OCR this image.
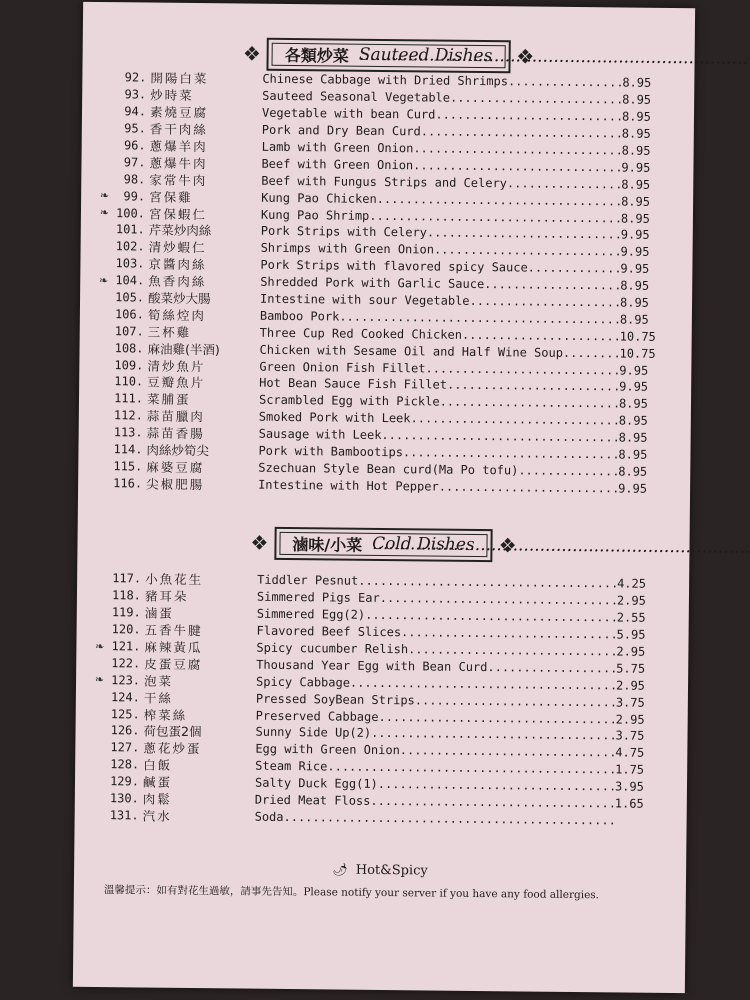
❖ 各類炒菜 ..... Sauteed Dishes ❖
92. 開陽白菜	..... Chinese Cabbage with Dried Shrimps	8.95
93. 炒時菜	..... Sauteed Seasonal Vegetable	8.95
94. 素燒豆腐	..... Vegetable with bean Curd	8.95
95. 香干肉絲	..... Pork and Dry Bean Curd	8.95
96. 蔥爆羊肉	..... Lamb with Green Onion	8.95
97. 蔥爆牛肉	..... Beef with Green Onion	9.95
98. 家常牛肉	..... Beef with Fungus Strips and Celery	8.95
❧	99. 宮保雞	..... Kung Pao Chicken	8.95
❧ 100. 宮保蝦仁	..... Kung Pao Shrimp	8.95
101. 芹菜炒肉絲	..... Pork Strips with Celery	9.95
102. 清炒蝦仁	..... Shrimps with Green Onion	9.95
103. 京醬肉絲	..... Pork Strips with flavored spicy Sauce	9.95
❧ 104. 魚香肉絲	..... Shredded Pork with Garlic Sauce	8.95
105. 酸菜炒大腸	..... Intestine with sour Vegetable	8.95
106. 筍絲焢肉	..... Bamboo Pork	8.95
107. 三杯雞	..... Three Cup Red Cooked Chicken	10.75
108. 麻油雞(半酒)	..... Chicken with Sesame Oil and Half Wine Soup	10.75
109. 清炒魚片	..... Green Onion Fish Fillet	9.95
110. 豆瓣魚片	..... Hot Bean Sauce Fish Fillet	9.95
111. 菜脯蛋	..... Scrambled Egg with Pickle	8.95
112. 蒜苗臘肉	..... Smoked Pork with Leek	8.95
113. 蒜苗香腸	..... Sausage with Leek	8.95
114. 肉絲炒筍尖	..... Pork with Bambootips	8.95
115. 麻婆豆腐	..... Szechuan Style Bean curd(Ma Po tofu)	8.95
116. 尖椒肥腸	..... Intestine with Hot Pepper	9.95
❖ 滷味/小菜 ..... Cold Dishes ❖
117. 小魚花生	..... Tiddler Pesnut	4.25
118. 豬耳朵	..... Simmered Pigs Ear	2.95
119. 滷蛋	..... Simmered Egg(2)	2.55
120. 五香牛腱	..... Flavored Beef Slices	5.95
❧ 121. 麻辣黃瓜	..... Spicy cucumber Relish	2.95
122. 皮蛋豆腐	..... Thousand Year Egg with Bean Curd	5.75
❧ 123. 泡菜	..... Spicy Cabbage	2.95
124. 干絲	..... Pressed SoyBean Strips	3.75
125. 榨菜絲	..... Preserved Cabbage	2.95
126. 荷包蛋2個	..... Sunny Side Up(2)	3.75
127. 蔥花炒蛋	..... Egg with Green Onion	4.75
128. 白飯	..... Steam Rice	1.75
129. 鹹蛋	..... Salty Duck Egg(1)	3.95
130. 肉鬆	..... Dried Meat Floss	1.65
131. 汽水	..... Soda
🌶 Hot&Spicy
溫馨提示：如有對花生過敏，請事先告知。Please notify your server if you have any food allergies.
